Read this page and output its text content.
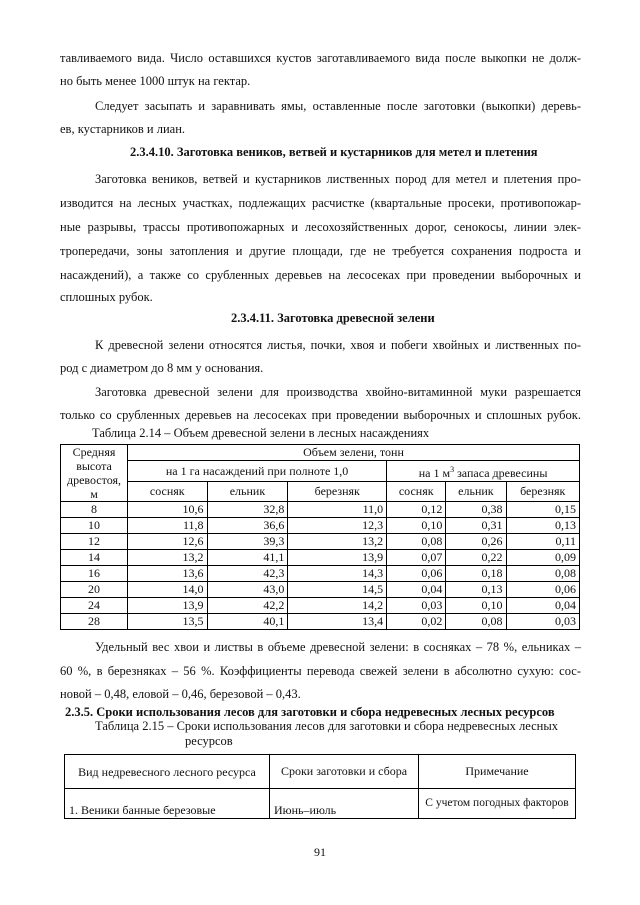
тавливаемого вида. Число оставшихся кустов заготавливаемого вида после выкопки не долж-
но быть менее 1000 штук на гектар.
Следует засыпать и заравнивать ямы, оставленные после заготовки (выкопки) деревь-
ев, кустарников и лиан.
2.3.4.10. Заготовка веников, ветвей и кустарников для метел и плетения
Заготовка веников, ветвей и кустарников лиственных пород для метел и плетения про-
изводится на лесных участках, подлежащих расчистке (квартальные просеки, противопожар-
ные разрывы, трассы противопожарных и лесохозяйственных дорог, сенокосы, линии элек-
тропередачи, зоны затопления и другие площади, где не требуется сохранения подроста и
насаждений), а также со срубленных деревьев на лесосеках при проведении выборочных и
сплошных рубок.
2.3.4.11. Заготовка древесной зелени
К древесной зелени относятся листья, почки, хвоя и побеги хвойных и лиственных по-
род с диаметром до 8 мм у основания.
Заготовка древесной зелени для производства хвойно-витаминной муки разрешается
только со срубленных деревьев на лесосеках при проведении выборочных и сплошных рубок.
Таблица 2.14 – Объем древесной зелени в лесных насаждениях
Средняя высота древостоя, м	Объем зелени, тонн					
	на 1 га насаждений при полноте 1,0			на 1 $м^3$ запаса древесины		
	сосняк	ельник	березняк	сосняк	ельник	березняк
8	10,6	32,8	11,0	0,12	0,38	0,15
10	11,8	36,6	12,3	0,10	0,31	0,13
12	12,6	39,3	13,2	0,08	0,26	0,11
14	13,2	41,1	13,9	0,07	0,22	0,09
16	13,6	42,3	14,3	0,06	0,18	0,08
20	14,0	43,0	14,5	0,04	0,13	0,06
24	13,9	42,2	14,2	0,03	0,10	0,04
28	13,5	40,1	13,4	0,02	0,08	0,03
Удельный вес хвои и листвы в объеме древесной зелени: в сосняках – 78 %, ельниках –
60 %, в березняках – 56 %. Коэффициенты перевода свежей зелени в абсолютно сухую: сос-
новой – 0,48, еловой – 0,46, березовой – 0,43.
2.3.5. Сроки использования лесов для заготовки и сбора недревесных лесных ресурсов
Таблица 2.15 – Сроки использования лесов для заготовки и сбора недревесных лесных
ресурсов
Вид недревесного лесного ресурса	Сроки заготовки и сбора	Примечание
1. Веники банные березовые	Июнь–июль	С учетом погодных факторов
91
